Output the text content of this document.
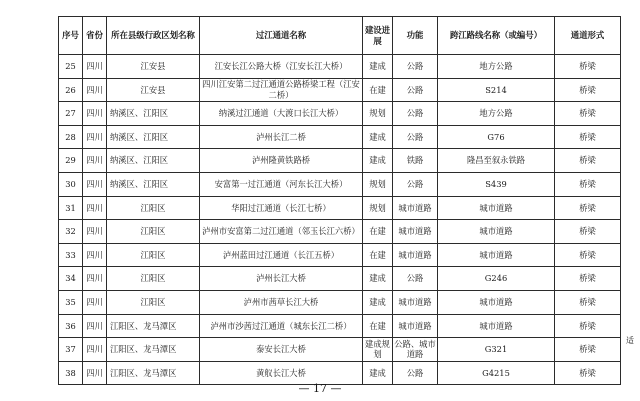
序号	省份	所在县级行政区划名称	过江通道名称	建设进展	功能	跨江路线名称（或编号）	通道形式
25	四川	江安县	江安长江公路大桥（江安长江大桥）	建成	公路	地方公路	桥梁
26	四川	江安县	四川江安第二过江通道公路桥梁工程（江安二桥）	在建	公路	S214	桥梁
27	四川	纳溪区、江阳区	纳溪过江通道（大渡口长江大桥）	规划	公路	地方公路	桥梁
28	四川	纳溪区、江阳区	泸州长江二桥	建成	公路	G76	桥梁
29	四川	纳溪区、江阳区	泸州隆黄铁路桥	建成	铁路	隆昌至叙永铁路	桥梁
30	四川	纳溪区、江阳区	安富第一过江通道（河东长江大桥）	规划	公路	S439	桥梁
31	四川	江阳区	华阳过江通道（长江七桥）	规划	城市道路	城市道路	桥梁
32	四川	江阳区	泸州市安富第二过江通道（邻玉长江六桥）	在建	城市道路	城市道路	桥梁
33	四川	江阳区	泸州蓝田过江通道（长江五桥）	在建	城市道路	城市道路	桥梁
34	四川	江阳区	泸州长江大桥	建成	公路	G246	桥梁
35	四川	江阳区	泸州市茜草长江大桥	建成	城市道路	城市道路	桥梁
36	四川	江阳区、龙马潭区	泸州市沙茜过江通道（城东长江二桥）	在建	城市道路	城市道路	桥梁
37	四川	江阳区、龙马潭区	泰安长江大桥	建成规划	公路、城市道路	G321	桥梁
38	四川	江阳区、龙马潭区	黄舣长江大桥	建成	公路	G4215	桥梁
适
— 17 —
